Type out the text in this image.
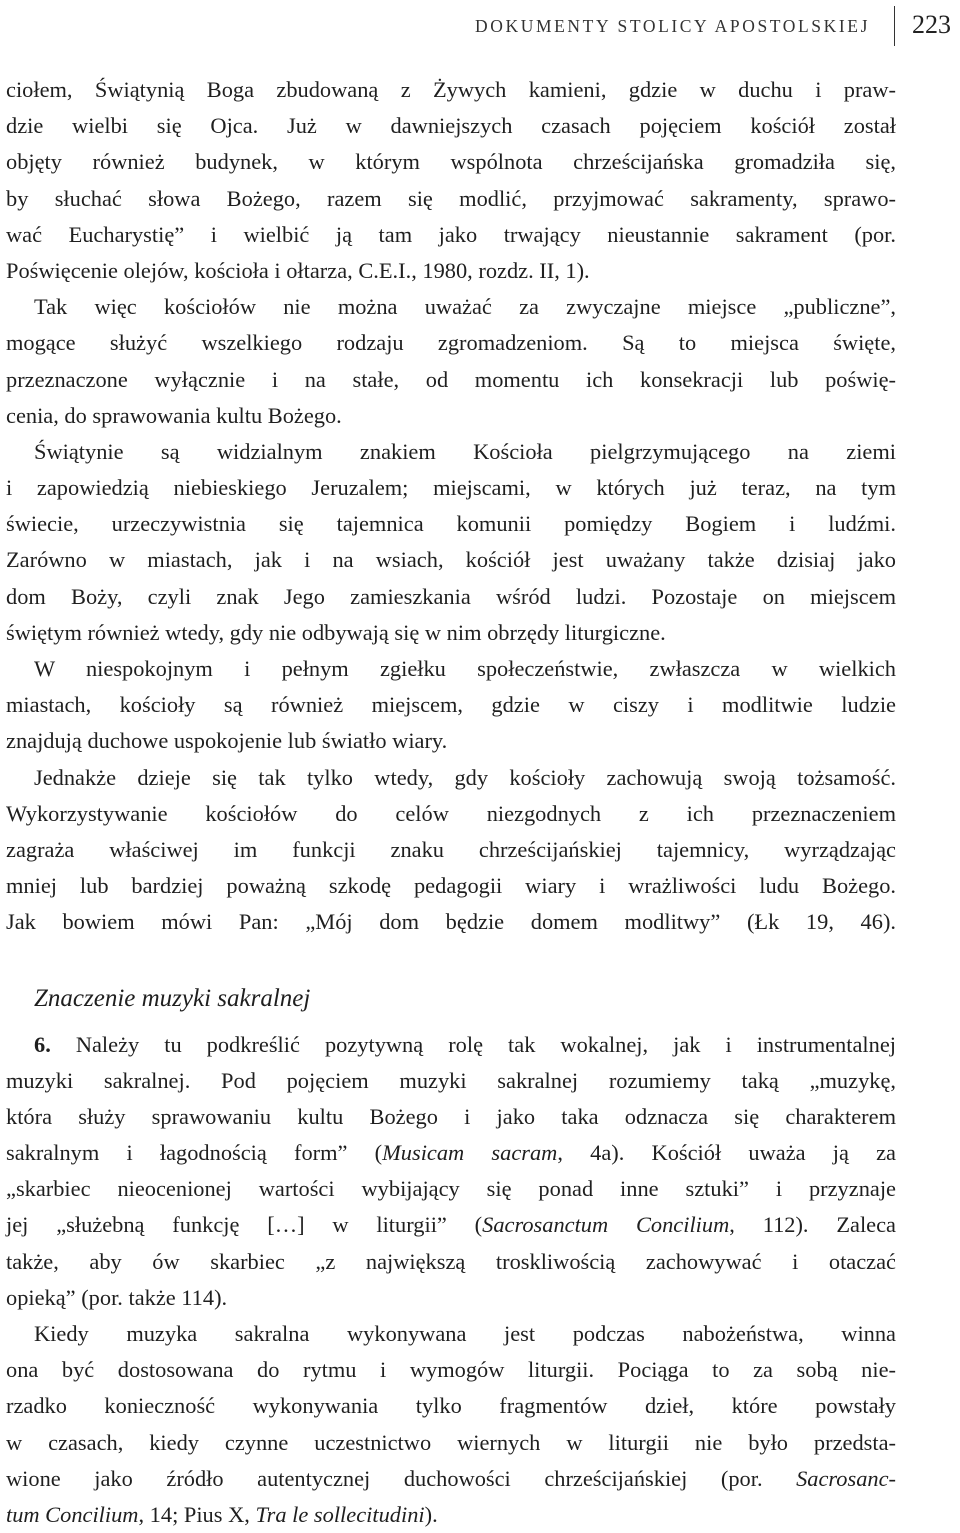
DOKUMENTY STOLICY APOSTOLSKIEJ 223
ciołem, Świątynią Boga zbudowaną z Żywych kamieni, gdzie w duchu i praw-
dzie wielbi się Ojca. Już w dawniejszych czasach pojęciem kościół został
objęty również budynek, w którym wspólnota chrześcijańska gromadziła się,
by słuchać słowa Bożego, razem się modlić, przyjmować sakramenty, sprawo-
wać Eucharystię” i wielbić ją tam jako trwający nieustannie sakrament (por.
Poświęcenie olejów, kościoła i ołtarza, C.E.I., 1980, rozdz. II, 1).
Tak więc kościołów nie można uważać za zwyczajne miejsce „publiczne”,
mogące służyć wszelkiego rodzaju zgromadzeniom. Są to miejsca święte,
przeznaczone wyłącznie i na stałe, od momentu ich konsekracji lub poświę-
cenia, do sprawowania kultu Bożego.
Świątynie są widzialnym znakiem Kościoła pielgrzymującego na ziemi
i zapowiedzią niebieskiego Jeruzalem; miejscami, w których już teraz, na tym
świecie, urzeczywistnia się tajemnica komunii pomiędzy Bogiem i ludźmi.
Zarówno w miastach, jak i na wsiach, kościół jest uważany także dzisiaj jako
dom Boży, czyli znak Jego zamieszkania wśród ludzi. Pozostaje on miejscem
świętym również wtedy, gdy nie odbywają się w nim obrzędy liturgiczne.
W niespokojnym i pełnym zgiełku społeczeństwie, zwłaszcza w wielkich
miastach, kościoły są również miejscem, gdzie w ciszy i modlitwie ludzie
znajdują duchowe uspokojenie lub światło wiary.
Jednakże dzieje się tak tylko wtedy, gdy kościoły zachowują swoją tożsamość.
Wykorzystywanie kościołów do celów niezgodnych z ich przeznaczeniem
zagraża właściwej im funkcji znaku chrześcijańskiej tajemnicy, wyrządzając
mniej lub bardziej poważną szkodę pedagogii wiary i wrażliwości ludu Bożego.
Jak bowiem mówi Pan: „Mój dom będzie domem modlitwy” (Łk 19, 46).
Znaczenie muzyki sakralnej
6. Należy tu podkreślić pozytywną rolę tak wokalnej, jak i instrumentalnej
muzyki sakralnej. Pod pojęciem muzyki sakralnej rozumiemy taką „muzykę,
która służy sprawowaniu kultu Bożego i jako taka odznacza się charakterem
sakralnym i łagodnością form” (Musicam sacram, 4a). Kościół uważa ją za
„skarbiec nieocenionej wartości wybijający się ponad inne sztuki” i przyznaje
jej „służebną funkcję […] w liturgii” (Sacrosanctum Concilium, 112). Zaleca
także, aby ów skarbiec „z największą troskliwością zachowywać i otaczać
opieką” (por. także 114).
Kiedy muzyka sakralna wykonywana jest podczas nabożeństwa, winna
ona być dostosowana do rytmu i wymogów liturgii. Pociąga to za sobą nie-
rzadko konieczność wykonywania tylko fragmentów dzieł, które powstały
w czasach, kiedy czynne uczestnictwo wiernych w liturgii nie było przedsta-
wione jako źródło autentycznej duchowości chrześcijańskiej (por. Sacrosanc-
tum Concilium, 14; Pius X, Tra le sollecitudini).
